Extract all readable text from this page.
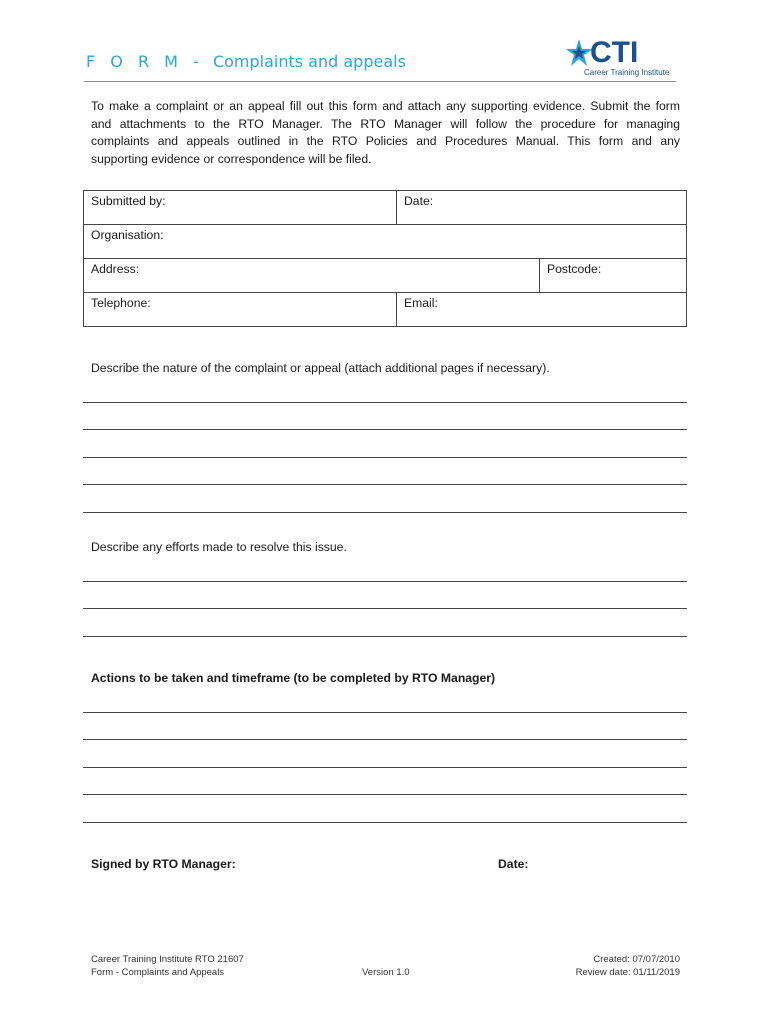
F O R M - Complaints and appeals	CTI
Career Training Institute
To make a complaint or an appeal fill out this form and attach any supporting evidence. Submit the form
and attachments to the RTO Manager. The RTO Manager will follow the procedure for managing
complaints and appeals outlined in the RTO Policies and Procedures Manual. This form and any
supporting evidence or correspondence will be filed.
Submitted by:	Date:	
Organisation:		
Address:		Postcode:
Telephone:	Email:	
Describe the nature of the complaint or appeal (attach additional pages if necessary).
Describe any efforts made to resolve this issue.
Actions to be taken and timeframe (to be completed by RTO Manager)
Signed by RTO Manager:	Date:
Career Training Institute RTO 21607
Form - Complaints and Appeals	Version 1.0
Created: 07/07/2010
Review date: 01/11/2019
